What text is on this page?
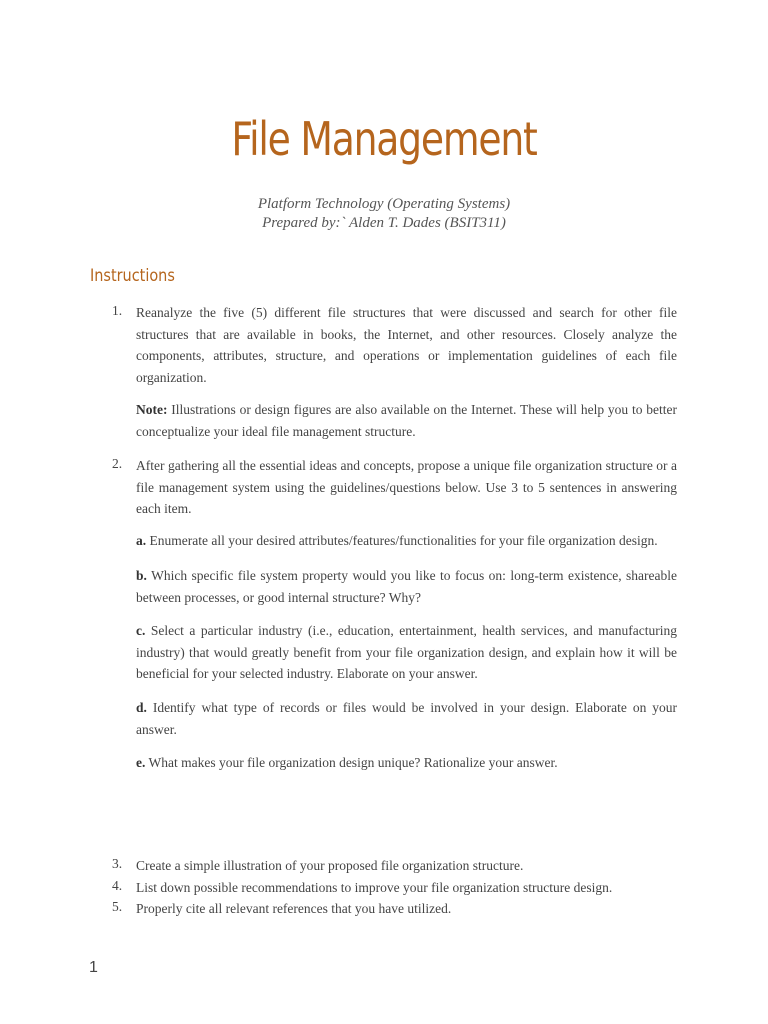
File Management
Platform Technology (Operating Systems)
Prepared by:` Alden T. Dades (BSIT311)
Instructions
1. Reanalyze the five (5) different file structures that were discussed and search for other file structures that are available in books, the Internet, and other resources. Closely analyze the components, attributes, structure, and operations or implementation guidelines of each file organization.
Note: Illustrations or design figures are also available on the Internet. These will help you to better conceptualize your ideal file management structure.
2. After gathering all the essential ideas and concepts, propose a unique file organization structure or a file management system using the guidelines/questions below. Use 3 to 5 sentences in answering each item.
a. Enumerate all your desired attributes/features/functionalities for your file organization design.
b. Which specific file system property would you like to focus on: long-term existence, shareable between processes, or good internal structure? Why?
c. Select a particular industry (i.e., education, entertainment, health services, and manufacturing industry) that would greatly benefit from your file organization design, and explain how it will be beneficial for your selected industry. Elaborate on your answer.
d. Identify what type of records or files would be involved in your design. Elaborate on your answer.
e. What makes your file organization design unique? Rationalize your answer.
3. Create a simple illustration of your proposed file organization structure.
4. List down possible recommendations to improve your file organization structure design.
5. Properly cite all relevant references that you have utilized.
1
